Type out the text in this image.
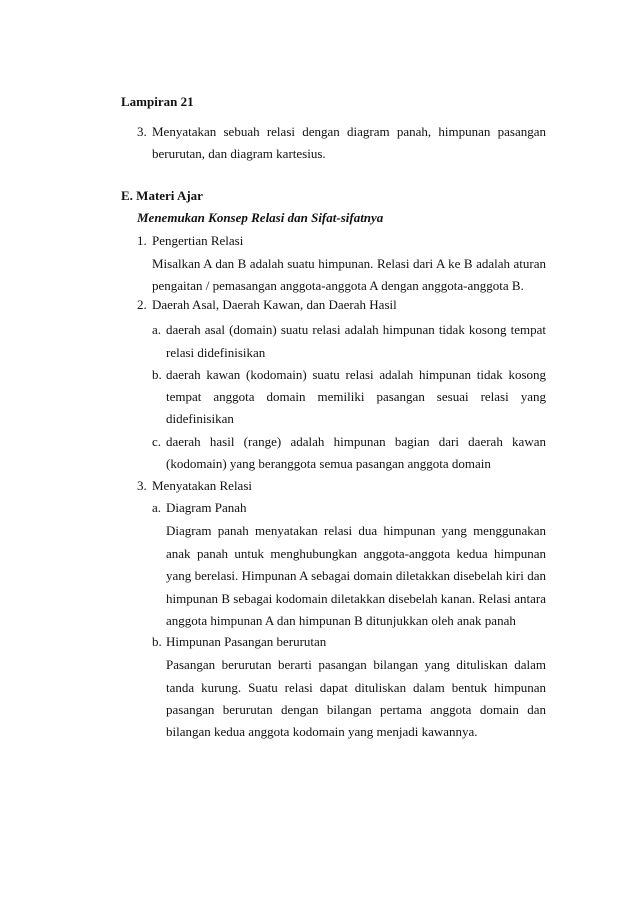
Lampiran 21
3. Menyatakan sebuah relasi dengan diagram panah, himpunan pasangan
berurutan, dan diagram kartesius.
E. Materi Ajar
Menemukan Konsep Relasi dan Sifat-sifatnya
1. Pengertian Relasi
Misalkan A dan B adalah suatu himpunan. Relasi dari A ke B adalah aturan
pengaitan / pemasangan anggota-anggota A dengan anggota-anggota B.
2. Daerah Asal, Daerah Kawan, dan Daerah Hasil
a. daerah asal (domain) suatu relasi adalah himpunan tidak kosong tempat
relasi didefinisikan
b. daerah kawan (kodomain) suatu relasi adalah himpunan tidak kosong
tempat anggota domain memiliki pasangan sesuai relasi yang
didefinisikan
c. daerah hasil (range) adalah himpunan bagian dari daerah kawan
(kodomain) yang beranggota semua pasangan anggota domain
3. Menyatakan Relasi
a. Diagram Panah
Diagram panah menyatakan relasi dua himpunan yang menggunakan
anak panah untuk menghubungkan anggota-anggota kedua himpunan
yang berelasi. Himpunan A sebagai domain diletakkan disebelah kiri dan
himpunan B sebagai kodomain diletakkan disebelah kanan. Relasi antara
anggota himpunan A dan himpunan B ditunjukkan oleh anak panah
b. Himpunan Pasangan berurutan
Pasangan berurutan berarti pasangan bilangan yang dituliskan dalam
tanda kurung. Suatu relasi dapat dituliskan dalam bentuk himpunan
pasangan berurutan dengan bilangan pertama anggota domain dan
bilangan kedua anggota kodomain yang menjadi kawannya.
